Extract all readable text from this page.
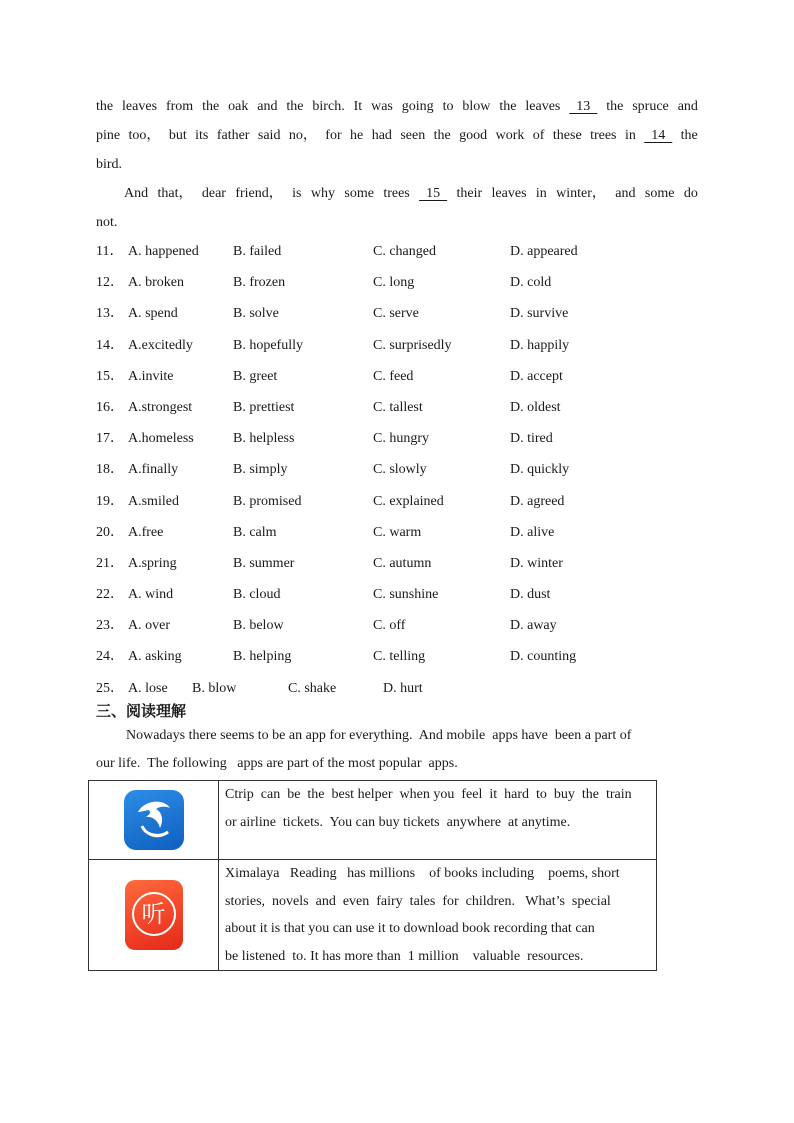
the leaves from the oak and the birch. It was going to blow the leaves 13 the spruce and
pine too， but its father said no， for he had seen the good work of these trees in 14 the
bird.
And that， dear friend， is why some trees 15 their leaves in winter， and some do
not.
11． A. happened B. failed	C. changed	D. appeared
12． A. broken	B. frozen	C. long	D. cold
13． A. spend	B. solve	C. serve	D. survive
14． A.excitedly	B. hopefully	C. surprisedly	D. happily
15． A.invite	B. greet	C. feed	D. accept
16． A.strongest	B. prettiest	C. tallest	D. oldest
17． A.homeless	B. helpless	C. hungry	D. tired
18． A.finally	B. simply	C. slowly	D. quickly
19． A.smiled	B. promised	C. explained	D. agreed
20． A.free	B. calm	C. warm	D. alive
21． A.spring	B. summer	C. autumn	D. winter
22． A. wind	B. cloud	C. sunshine	D. dust
23． A. over	B. below	C. off	D. away
24． A. asking	B. helping	C. telling	D. counting
25． A. lose B. blow	C. shake	D. hurt
三、阅读理解
Nowadays there seems to be an app for everything.  And mobile  apps have  been a part of
our life.  The following   apps are part of the most popular  apps.

Ctrip  can  be  the  best helper  when you  feel  it  hard  to  buy  the  train
or airline  tickets.  You can buy tickets  anywhere  at anytime.

听	Ximalaya   Reading   has millions    of books including    poems, short
stories,  novels  and  even  fairy  tales  for  children.   What’s  special
about it is that you can use it to download book recording that can
be listened  to. It has more than  1 million    valuable  resources.
